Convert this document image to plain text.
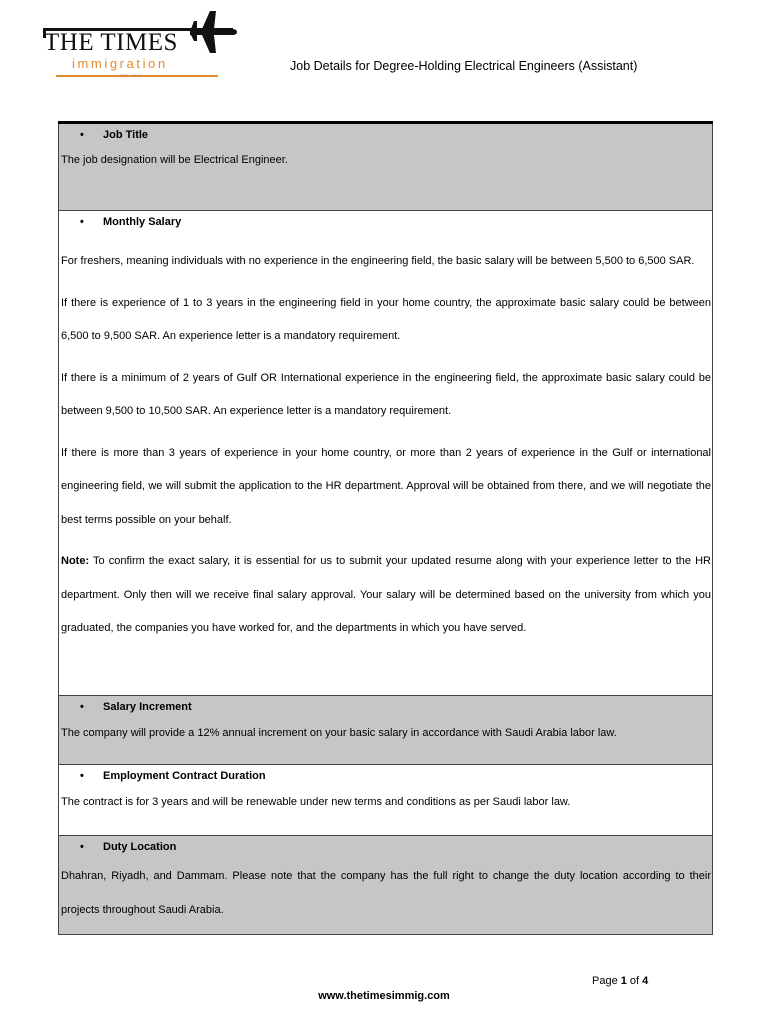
THE TIMES
immigration
EST. 2018
Job Details for Degree-Holding Electrical Engineers (Assistant)
• Job Title
The job designation will be Electrical Engineer.
• Monthly Salary
For freshers, meaning individuals with no experience in the engineering field, the basic salary will be between 5,500 to 6,500 SAR.
If there is experience of 1 to 3 years in the engineering field in your home country, the approximate basic salary could be between 6,500 to 9,500 SAR. An experience letter is a mandatory requirement.
If there is a minimum of 2 years of Gulf OR International experience in the engineering field, the approximate basic salary could be between 9,500 to 10,500 SAR. An experience letter is a mandatory requirement.
If there is more than 3 years of experience in your home country, or more than 2 years of experience in the Gulf or international engineering field, we will submit the application to the HR department. Approval will be obtained from there, and we will negotiate the best terms possible on your behalf.
Note: To confirm the exact salary, it is essential for us to submit your updated resume along with your experience letter to the HR department. Only then will we receive final salary approval. Your salary will be determined based on the university from which you graduated, the companies you have worked for, and the departments in which you have served.
• Salary Increment
The company will provide a 12% annual increment on your basic salary in accordance with Saudi Arabia labor law.
• Employment Contract Duration
The contract is for 3 years and will be renewable under new terms and conditions as per Saudi labor law.
• Duty Location
Dhahran, Riyadh, and Dammam. Please note that the company has the full right to change the duty location according to their projects throughout Saudi Arabia.
Page 1 of 4
www.thetimesimmig.com
